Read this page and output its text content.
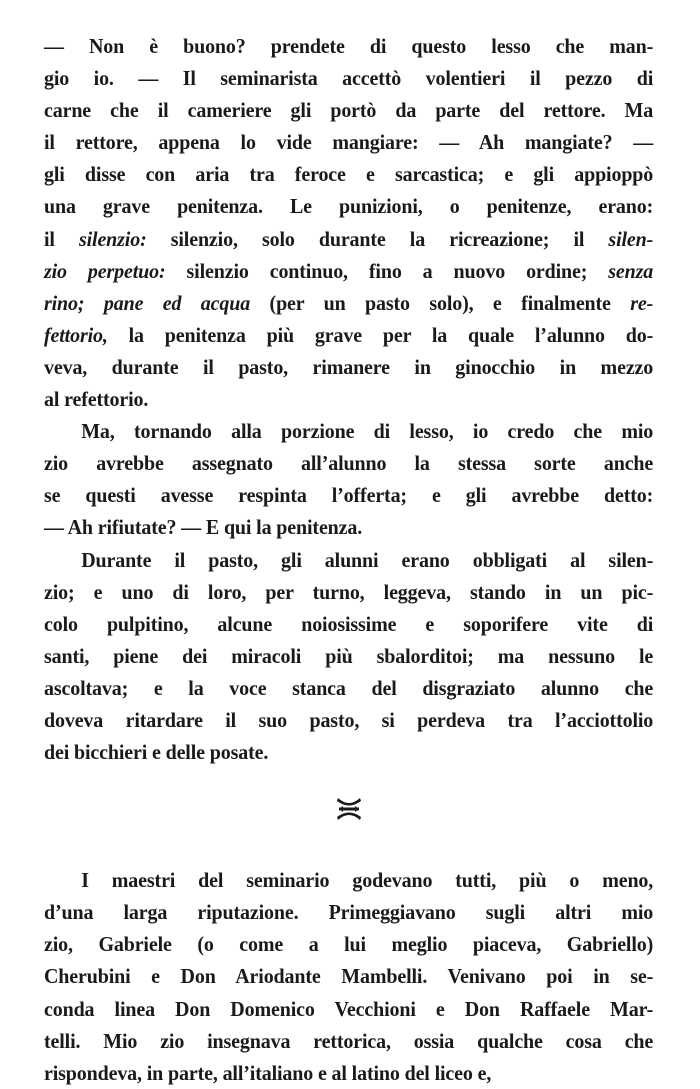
— Non è buono? prendete di questo lesso che man-
gio io. — Il seminarista accettò volentieri il pezzo di
carne che il cameriere gli portò da parte del rettore. Ma
il rettore, appena lo vide mangiare: — Ah mangiate? —
gli disse con aria tra feroce e sarcastica; e gli appioppò
una grave penitenza. Le punizioni, o penitenze, erano:
il silenzio: silenzio, solo durante la ricreazione; il silen-
zio perpetuo: silenzio continuo, fino a nuovo ordine; senza
rino; pane ed acqua (per un pasto solo), e finalmente re-
fettorio, la penitenza più grave per la quale l’alunno do-
veva, durante il pasto, rimanere in ginocchio in mezzo
al refettorio.
Ma, tornando alla porzione di lesso, io credo che mio
zio avrebbe assegnato all’alunno la stessa sorte anche
se questi avesse respinta l’offerta; e gli avrebbe detto:
— Ah rifiutate? — E qui la penitenza.
Durante il pasto, gli alunni erano obbligati al silen-
zio; e uno di loro, per turno, leggeva, stando in un pic-
colo pulpitino, alcune noiosissime e soporifere vite di
santi, piene dei miracoli più sbalorditoi; ma nessuno le
ascoltava; e la voce stanca del disgraziato alunno che
doveva ritardare il suo pasto, si perdeva tra l’acciottolio
dei bicchieri e delle posate.
I maestri del seminario godevano tutti, più o meno,
d’una larga riputazione. Primeggiavano sugli altri mio
zio, Gabriele (o come a lui meglio piaceva, Gabriello)
Cherubini e Don Ariodante Mambelli. Venivano poi in se-
conda linea Don Domenico Vecchioni e Don Raffaele Mar-
telli. Mio zio insegnava rettorica, ossia qualche cosa che
rispondeva, in parte, all’italiano e al latino del liceo e,
